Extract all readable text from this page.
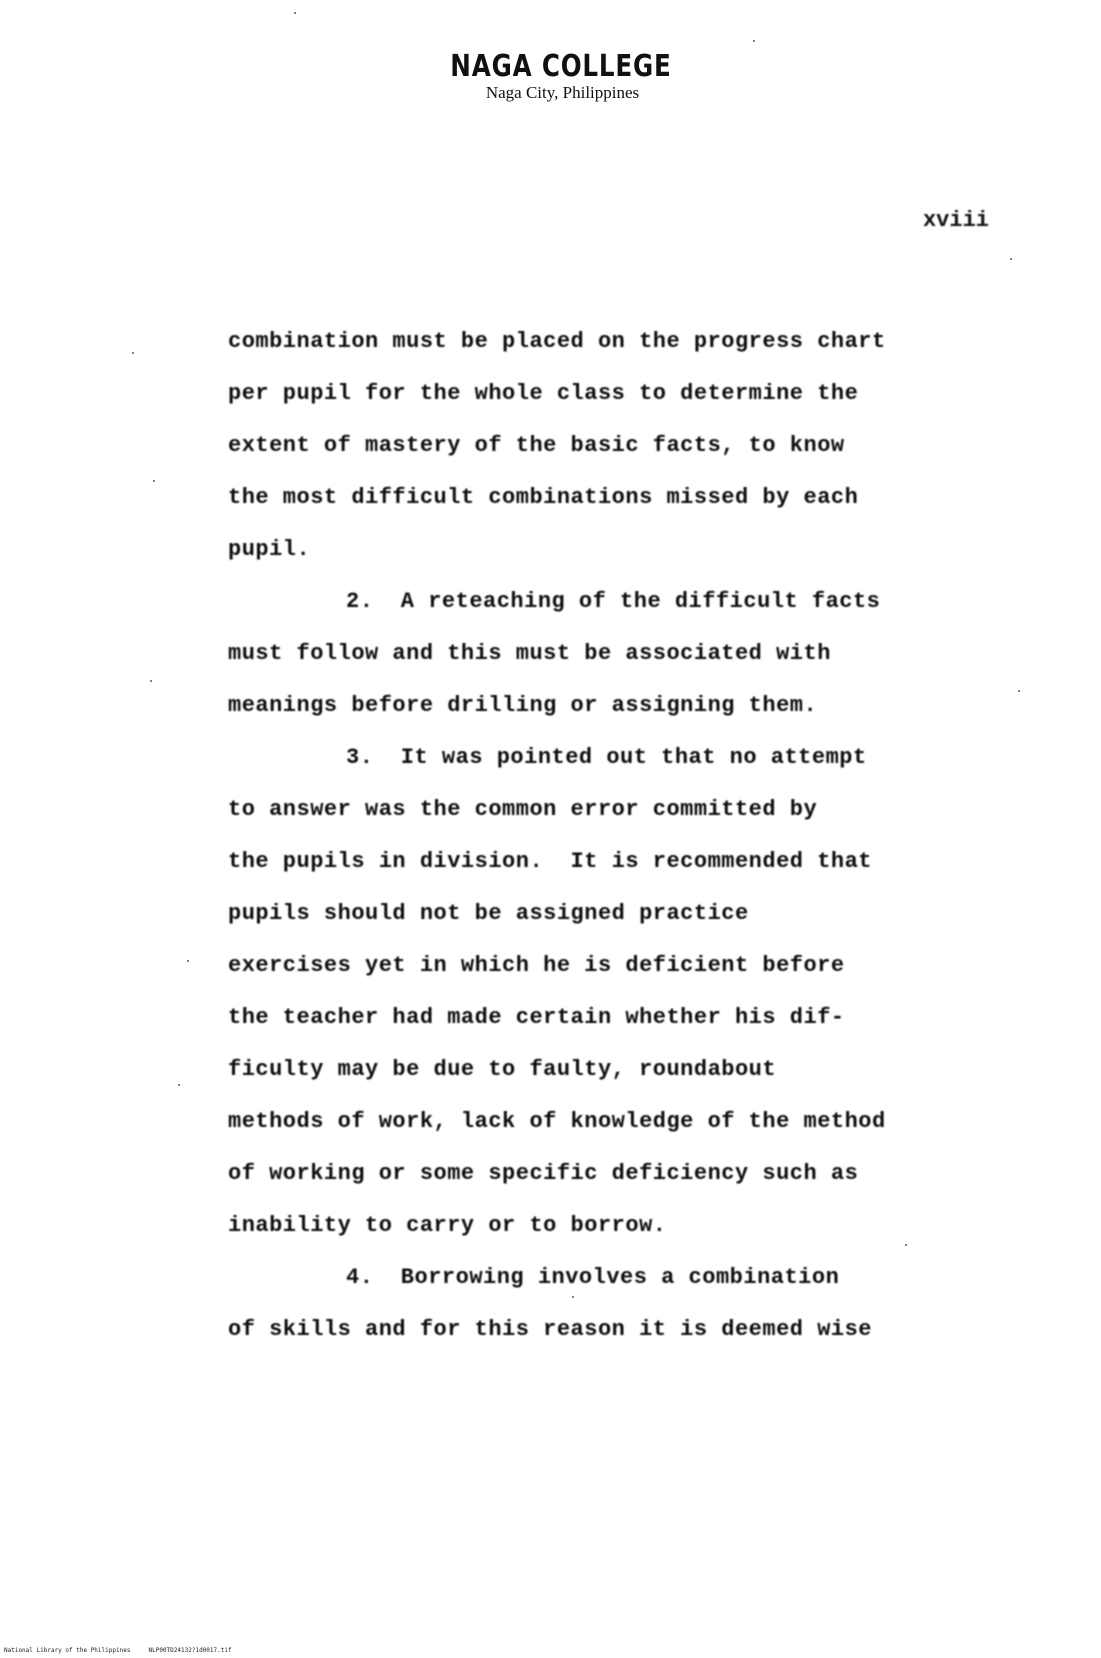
NAGA COLLEGE
Naga City, Philippines
xviii
combination must be placed on the progress chart
per pupil for the whole class to determine the
extent of mastery of the basic facts, to know
the most difficult combinations missed by each
pupil.
2.  A reteaching of the difficult facts
must follow and this must be associated with
meanings before drilling or assigning them.
3.  It was pointed out that no attempt
to answer was the common error committed by
the pupils in division.  It is recommended that
pupils should not be assigned practice
exercises yet in which he is deficient before
the teacher had made certain whether his dif-
ficulty may be due to faulty, roundabout
methods of work, lack of knowledge of the method
of working or some specific deficiency such as
inability to carry or to borrow.
4.  Borrowing involves a combination
of skills and for this reason it is deemed wise
National Library of the Philippines     NLP00TD24132?1d0017.tif
